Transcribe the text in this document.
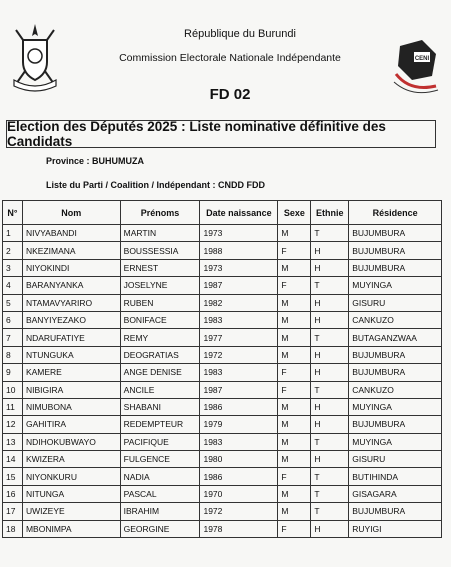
République du Burundi
Commission Electorale Nationale Indépendante
FD 02
CENI
Election des Députés 2025 : Liste nominative définitive des Candidats
Province : BUHUMUZA
Liste du Parti / Coalition / Indépendant : CNDD FDD
N°	Nom	Prénoms	Date naissance	Sexe	Ethnie	Résidence
1	NIVYABANDI	MARTIN	1973	M	T	BUJUMBURA
2	NKEZIMANA	BOUSSESSIA	1988	F	H	BUJUMBURA
3	NIYOKINDI	ERNEST	1973	M	H	BUJUMBURA
4	BARANYANKA	JOSELYNE	1987	F	T	MUYINGA
5	NTAMAVYARIRO	RUBEN	1982	M	H	GISURU
6	BANYIYEZAKO	BONIFACE	1983	M	H	CANKUZO
7	NDARUFATIYE	REMY	1977	M	T	BUTAGANZWAA
8	NTUNGUKA	DEOGRATIAS	1972	M	H	BUJUMBURA
9	KAMERE	ANGE DENISE	1983	F	H	BUJUMBURA
10	NIBIGIRA	ANCILE	1987	F	T	CANKUZO
11	NIMUBONA	SHABANI	1986	M	H	MUYINGA
12	GAHITIRA	REDEMPTEUR	1979	M	H	BUJUMBURA
13	NDIHOKUBWAYO	PACIFIQUE	1983	M	T	MUYINGA
14	KWIZERA	FULGENCE	1980	M	H	GISURU
15	NIYONKURU	NADIA	1986	F	T	BUTIHINDA
16	NITUNGA	PASCAL	1970	M	T	GISAGARA
17	UWIZEYE	IBRAHIM	1972	M	T	BUJUMBURA
18	MBONIMPA	GEORGINE	1978	F	H	RUYIGI
